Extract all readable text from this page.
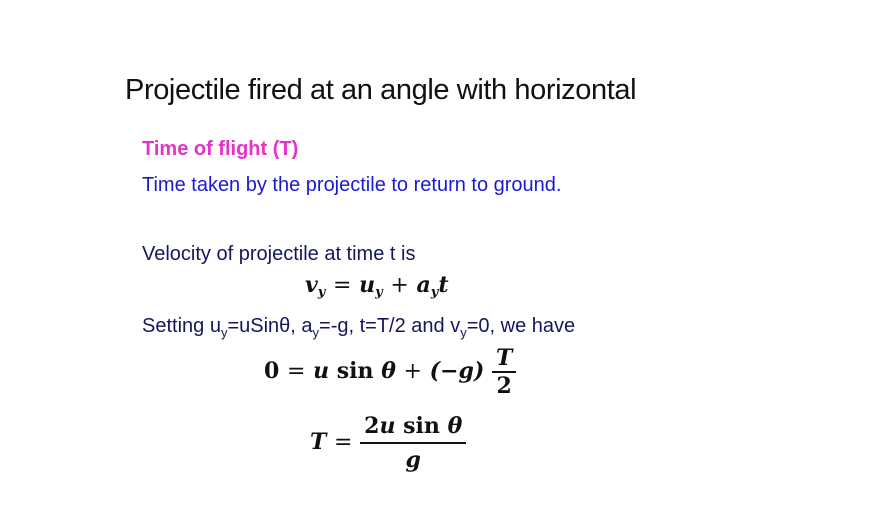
Projectile fired at an angle with horizontal
Time of flight (T)
Time taken by the projectile to return to ground.
Velocity of projectile at time t is
$v_y = u_y + a_yt$
Setting $u_y=uSin\theta$, $a_y=-g$, t=T/2 and $v_y=0$, we have
0 = u $\sin \theta + (-g) \frac{T}{2}$
$T = \frac{\text{2u sin θ}}{g}$
